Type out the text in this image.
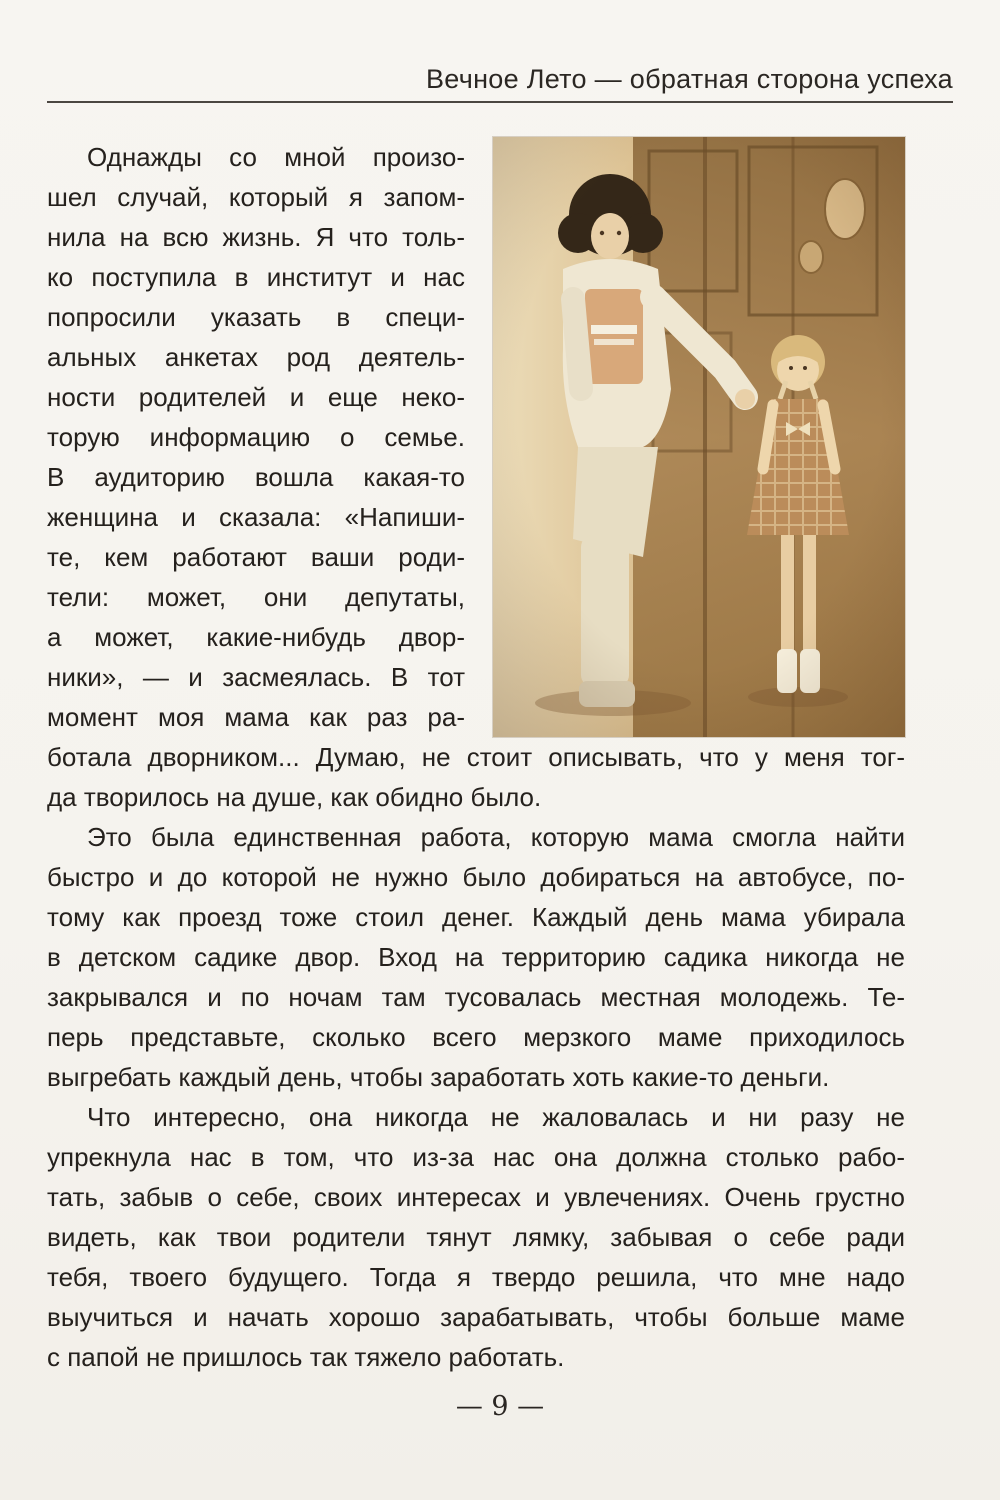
Вечное Лето — обратная сторона успеха
Однажды со мной произо-
шел случай, который я запом-
нила на всю жизнь. Я что толь-
ко поступила в институт и нас
попросили указать в специ-
альных анкетах род деятель-
ности родителей и еще неко-
торую информацию о семье.
В аудиторию вошла какая-то
женщина и сказала: «Напиши-
те, кем работают ваши роди-
тели: может, они депутаты,
а может, какие-нибудь двор-
ники», — и засмеялась. В тот
момент моя мама как раз ра-
ботала дворником... Думаю, не стоит описывать, что у меня тог-
да творилось на душе, как обидно было.
Это была единственная работа, которую мама смогла найти
быстро и до которой не нужно было добираться на автобусе, по-
тому как проезд тоже стоил денег. Каждый день мама убирала
в детском садике двор. Вход на территорию садика никогда не
закрывался и по ночам там тусовалась местная молодежь. Те-
перь представьте, сколько всего мерзкого маме приходилось
выгребать каждый день, чтобы заработать хоть какие-то деньги.
Что интересно, она никогда не жаловалась и ни разу не
упрекнула нас в том, что из-за нас она должна столько рабо-
тать, забыв о себе, своих интересах и увлечениях. Очень грустно
видеть, как твои родители тянут лямку, забывая о себе ради
тебя, твоего будущего. Тогда я твердо решила, что мне надо
выучиться и начать хорошо зарабатывать, чтобы больше маме
с папой не пришлось так тяжело работать.
— 9 —
